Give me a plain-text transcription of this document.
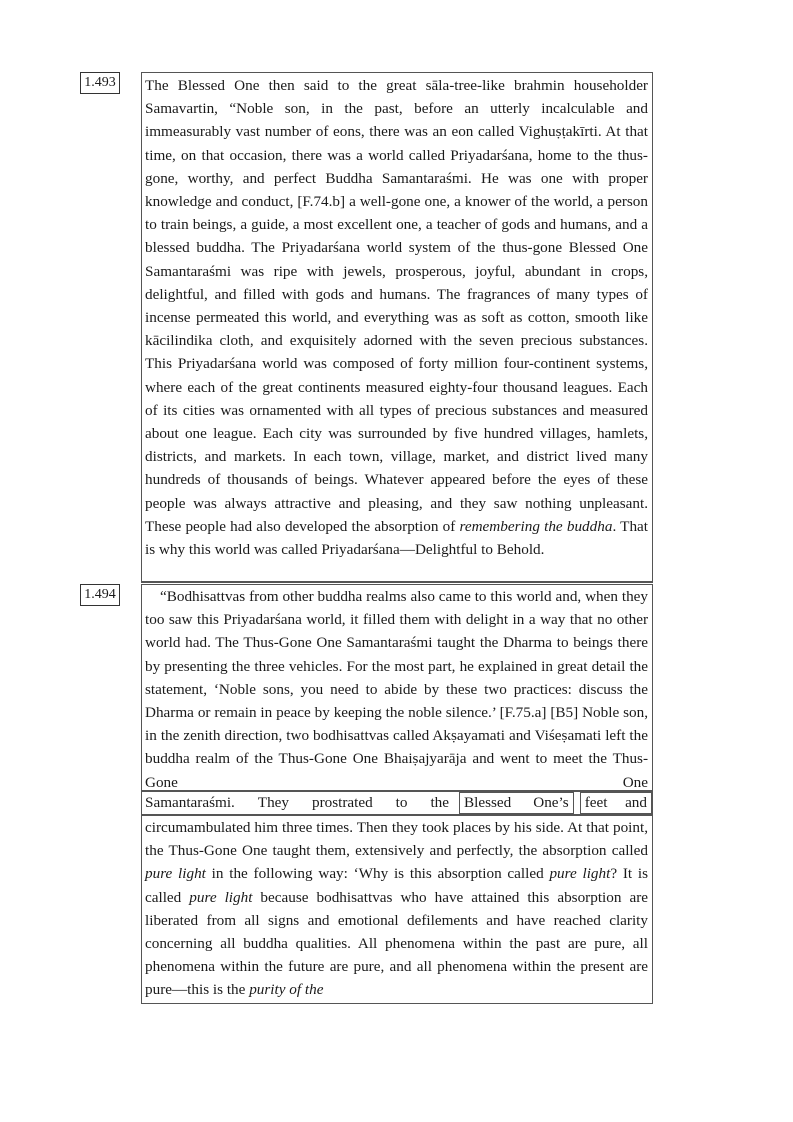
1.493 The Blessed One then said to the great sāla-tree-like brahmin householder Samavartin, “Noble son, in the past, before an utterly incalculable and immeasurably vast number of eons, there was an eon called Vighuṣṭakīrti. At that time, on that occasion, there was a world called Priyadarśana, home to the thus-gone, worthy, and perfect Buddha Samantaraśmi. He was one with proper knowledge and conduct, [F.74.b] a well-gone one, a knower of the world, a person to train beings, a guide, a most excellent one, a teacher of gods and humans, and a blessed buddha. The Priyadarśana world system of the thus-gone Blessed One Samantaraśmi was ripe with jewels, prosperous, joyful, abundant in crops, delightful, and filled with gods and humans. The fragrances of many types of incense permeated this world, and everything was as soft as cotton, smooth like kācilindika cloth, and exquisitely adorned with the seven precious substances. This Priyadarśana world was composed of forty million four-continent systems, where each of the great continents measured eighty-four thousand leagues. Each of its cities was ornamented with all types of precious substances and measured about one league. Each city was surrounded by five hundred villages, hamlets, districts, and markets. In each town, village, market, and district lived many hundreds of thousands of beings. Whatever appeared before the eyes of these people was always attractive and pleasing, and they saw nothing unpleasant. These people had also developed the absorption of remembering the buddha. That is why this world was called Priyadarśana—Delightful to Behold.

1.494	“Bodhisattvas from other buddha realms also came to this world and, when they too saw this Priyadarśana world, it filled them with delight in a way that no other world had. The Thus-Gone One Samantaraśmi taught the Dharma to beings there by presenting the three vehicles. For the most part, he explained in great detail the statement, ‘Noble sons, you need to abide by these two practices: discuss the Dharma or remain in peace by keeping the noble silence.’ [F.75.a] [B5] Noble son, in the zenith direction, two bodhisattvas called Akṣayamati and Viśeṣamati left the buddha realm of the Thus-Gone One Bhaiṣajyarāja and went to meet the Thus-Gone One

Samantaraśmi. They prostrated to the Blessed One’s feet and

circumambulated him three times. Then they took places by his side. At that point, the Thus-Gone One taught them, extensively and perfectly, the absorption called pure light in the following way: ‘Why is this absorption called pure light? It is called pure light because bodhisattvas who have attained this absorption are liberated from all signs and emotional defilements and have reached clarity concerning all buddha qualities. All phenomena within the past are pure, all phenomena within the future are pure, and all phenomena within the present are pure—this is the purity of the
